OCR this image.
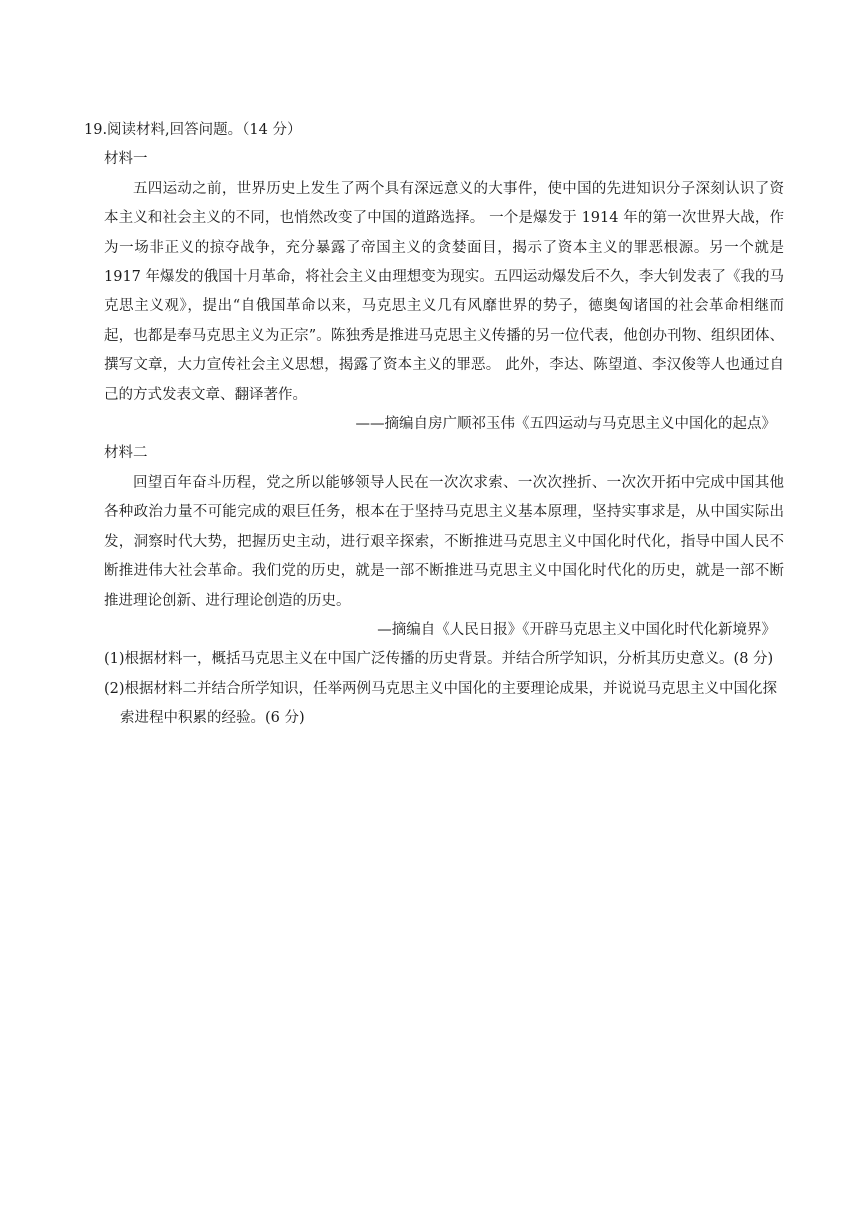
19.阅读材料,回答问题。（14 分）
材料一
五四运动之前，世界历史上发生了两个具有深远意义的大事件，使中国的先进知识分子深刻认识了资本主义和社会主义的不同，也悄然改变了中国的道路选择。 一个是爆发于 1914 年的第一次世界大战，作为一场非正义的掠夺战争，充分暴露了帝国主义的贪婪面目，揭示了资本主义的罪恶根源。另一个就是 1917 年爆发的俄国十月革命，将社会主义由理想变为现实。五四运动爆发后不久，李大钊发表了《我的马克思主义观》，提出“自俄国革命以来，马克思主义几有风靡世界的势子，德奥匈诸国的社会革命相继而起，也都是奉马克思主义为正宗”。陈独秀是推进马克思主义传播的另一位代表，他创办刊物、组织团体、撰写文章，大力宣传社会主义思想，揭露了资本主义的罪恶。 此外，李达、陈望道、李汉俊等人也通过自己的方式发表文章、翻译著作。
——摘编自房广顺祁玉伟《五四运动与马克思主义中国化的起点》
材料二
回望百年奋斗历程，党之所以能够领导人民在一次次求索、一次次挫折、一次次开拓中完成中国其他各种政治力量不可能完成的艰巨任务，根本在于坚持马克思主义基本原理，坚持实事求是，从中国实际出发，洞察时代大势，把握历史主动，进行艰辛探索，不断推进马克思主义中国化时代化，指导中国人民不断推进伟大社会革命。我们党的历史，就是一部不断推进马克思主义中国化时代化的历史，就是一部不断推进理论创新、进行理论创造的历史。
—摘编自《人民日报》《开辟马克思主义中国化时代化新境界》
(1)根据材料一，概括马克思主义在中国广泛传播的历史背景。并结合所学知识，分析其历史意义。(8 分)
(2)根据材料二并结合所学知识，任举两例马克思主义中国化的主要理论成果，并说说马克思主义中国化探索进程中积累的经验。(6 分)
